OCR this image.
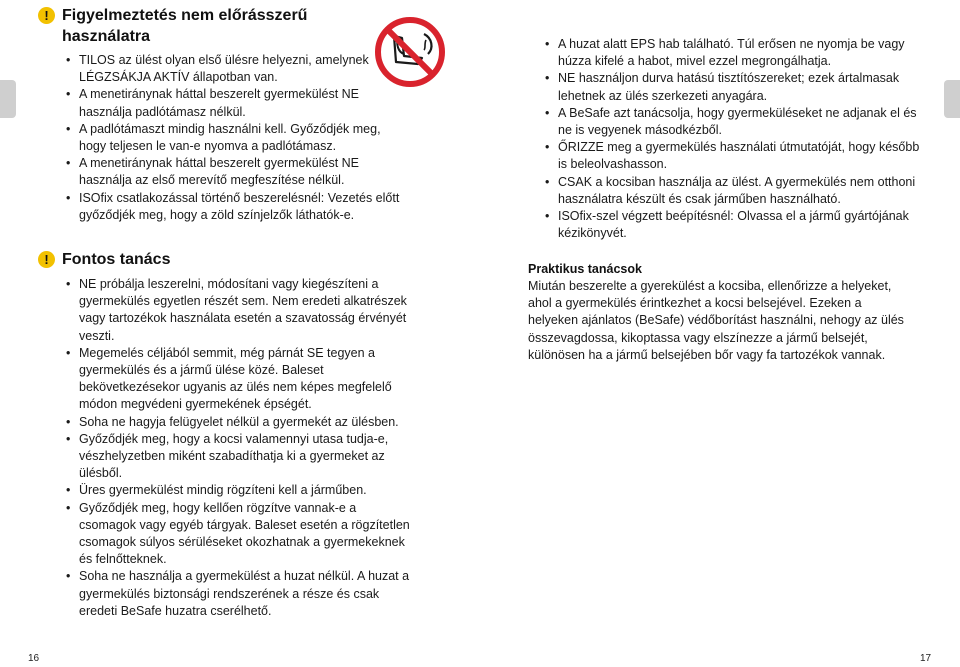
! Figyelmeztetés nem előrásszerű használatra
• TILOS az ülést olyan első ülésre helyezni, amelynek LÉGZSÁKJA AKTÍV állapotban van.
• A menetiránynak háttal beszerelt gyermekülést NE használja padlótámasz nélkül.
• A padlótámaszt mindig használni kell. Győződjék meg, hogy teljesen le van-e nyomva a padlótámasz.
• A menetiránynak háttal beszerelt gyermekülést NE használja az első merevítő megfeszítése nélkül.
• ISOfix csatlakozással történő beszerelésnél: Vezetés előtt győződjék meg, hogy a zöld színjelzők láthatók-e.
! Fontos tanács
• NE próbálja leszerelni, módosítani vagy kiegészíteni a gyermekülés egyetlen részét sem. Nem eredeti alkatrészek vagy tartozékok használata esetén a szavatosság érvényét veszti.
• Megemelés céljából semmit, még párnát SE tegyen a gyermekülés és a jármű ülése közé. Baleset bekövetkezésekor ugyanis az ülés nem képes megfelelő módon megvédeni gyermekének épségét.
• Soha ne hagyja felügyelet nélkül a gyermekét az ülésben.
• Győződjék meg, hogy a kocsi valamennyi utasa tudja-e, vészhelyzetben miként szabadíthatja ki a gyermeket az ülésből.
• Üres gyermekülést mindig rögzíteni kell a járműben.
• Győződjék meg, hogy kellően rögzítve vannak-e a csomagok vagy egyéb tárgyak. Baleset esetén a rögzítetlen csomagok súlyos sérüléseket okozhatnak a gyermekeknek és felnőtteknek.
• Soha ne használja a gyermekülést a huzat nélkül. A huzat a gyermekülés biztonsági rendszerének a része és csak eredeti BeSafe huzatra cserélhető.
16
• A huzat alatt EPS hab található. Túl erősen ne nyomja be vagy húzza kifelé a habot, mivel ezzel megrongálhatja.
• NE használjon durva hatású tisztítószereket; ezek ártalmasak lehetnek az ülés szerkezeti anyagára.
• A BeSafe azt tanácsolja, hogy gyermeküléseket ne adjanak el és ne is vegyenek másodkézből.
• ŐRIZZE meg a gyermekülés használati útmutatóját, hogy később is beleolvashasson.
• CSAK a kocsiban használja az ülést. A gyermekülés nem otthoni használatra készült és csak járműben használható.
• ISOfix-szel végzett beépítésnél: Olvassa el a jármű gyártójának kézikönyvét.
Praktikus tanácsok

Miután beszerelte a gyerekülést a kocsiba, ellenőrizze a helyeket, ahol a gyermekülés érintkezhet a kocsi belsejével. Ezeken a helyeken ajánlatos (BeSafe) védőborítást használni, nehogy az ülés összevagdossa, kikoptassa vagy elszínezze a jármű belsejét, különösen ha a jármű belsejében bőr vagy fa tartozékok vannak.

17
